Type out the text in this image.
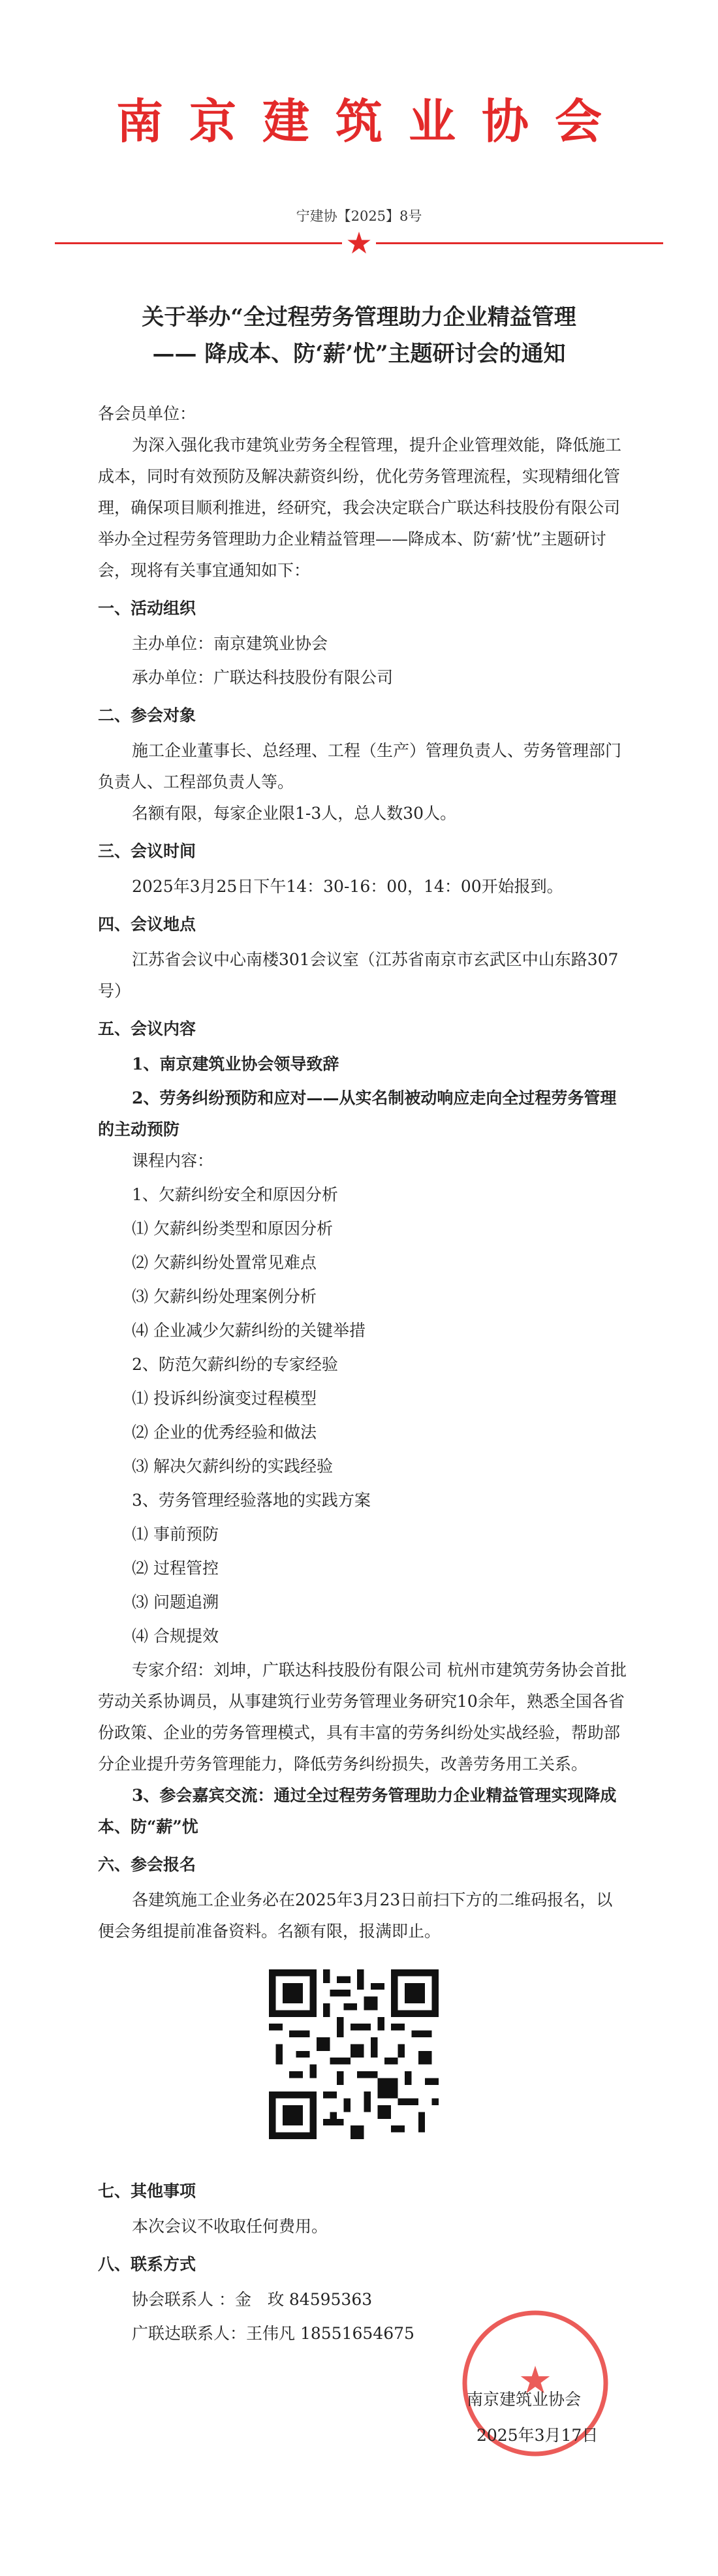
南京建筑业协会
宁建协【2025】8号
★
关于举办“全过程劳务管理助力企业精益管理
—— 降成本、防‘薪’忧”主题研讨会的通知

各会员单位：

为深入强化我市建筑业劳务全程管理，提升企业管理效能，降低施工成本，同时有效预防及解决薪资纠纷，优化劳务管理流程，实现精细化管理，确保项目顺利推进，经研究，我会决定联合广联达科技股份有限公司举办全过程劳务管理助力企业精益管理——降成本、防‘薪’忧”主题研讨会，现将有关事宜通知如下：

一、活动组织

主办单位：南京建筑业协会

承办单位：广联达科技股份有限公司

二、参会对象

施工企业董事长、总经理、工程（生产）管理负责人、劳务管理部门负责人、工程部负责人等。

名额有限，每家企业限1-3人，总人数30人。

三、会议时间

2025年3月25日下午14：30-16：00，14：00开始报到。

四、会议地点

江苏省会议中心南楼301会议室（江苏省南京市玄武区中山东路307号）

五、会议内容

1、南京建筑业协会领导致辞

2、劳务纠纷预防和应对——从实名制被动响应走向全过程劳务管理的主动预防

课程内容：

1、欠薪纠纷安全和原因分析

⑴ 欠薪纠纷类型和原因分析

⑵ 欠薪纠纷处置常见难点

⑶ 欠薪纠纷处理案例分析

⑷ 企业减少欠薪纠纷的关键举措

2、防范欠薪纠纷的专家经验

⑴ 投诉纠纷演变过程模型

⑵ 企业的优秀经验和做法

⑶ 解决欠薪纠纷的实践经验

3、劳务管理经验落地的实践方案

⑴ 事前预防

⑵ 过程管控

⑶ 问题追溯

⑷ 合规提效

专家介绍：刘坤，广联达科技股份有限公司 杭州市建筑劳务协会首批劳动关系协调员，从事建筑行业劳务管理业务研究10余年，熟悉全国各省份政策、企业的劳务管理模式，具有丰富的劳务纠纷处实战经验，帮助部分企业提升劳务管理能力，降低劳务纠纷损失，改善劳务用工关系。

3、参会嘉宾交流：通过全过程劳务管理助力企业精益管理实现降成本、防“薪”忧

六、参会报名

各建筑施工企业务必在2025年3月23日前扫下方的二维码报名，以便会务组提前准备资料。名额有限，报满即止。

七、其他事项

本次会议不收取任何费用。

八、联系方式

协会联系人 ：金　玫 84595363

广联达联系人：王伟凡 18551654675

★
南京建筑业协会
2025年3月17日
